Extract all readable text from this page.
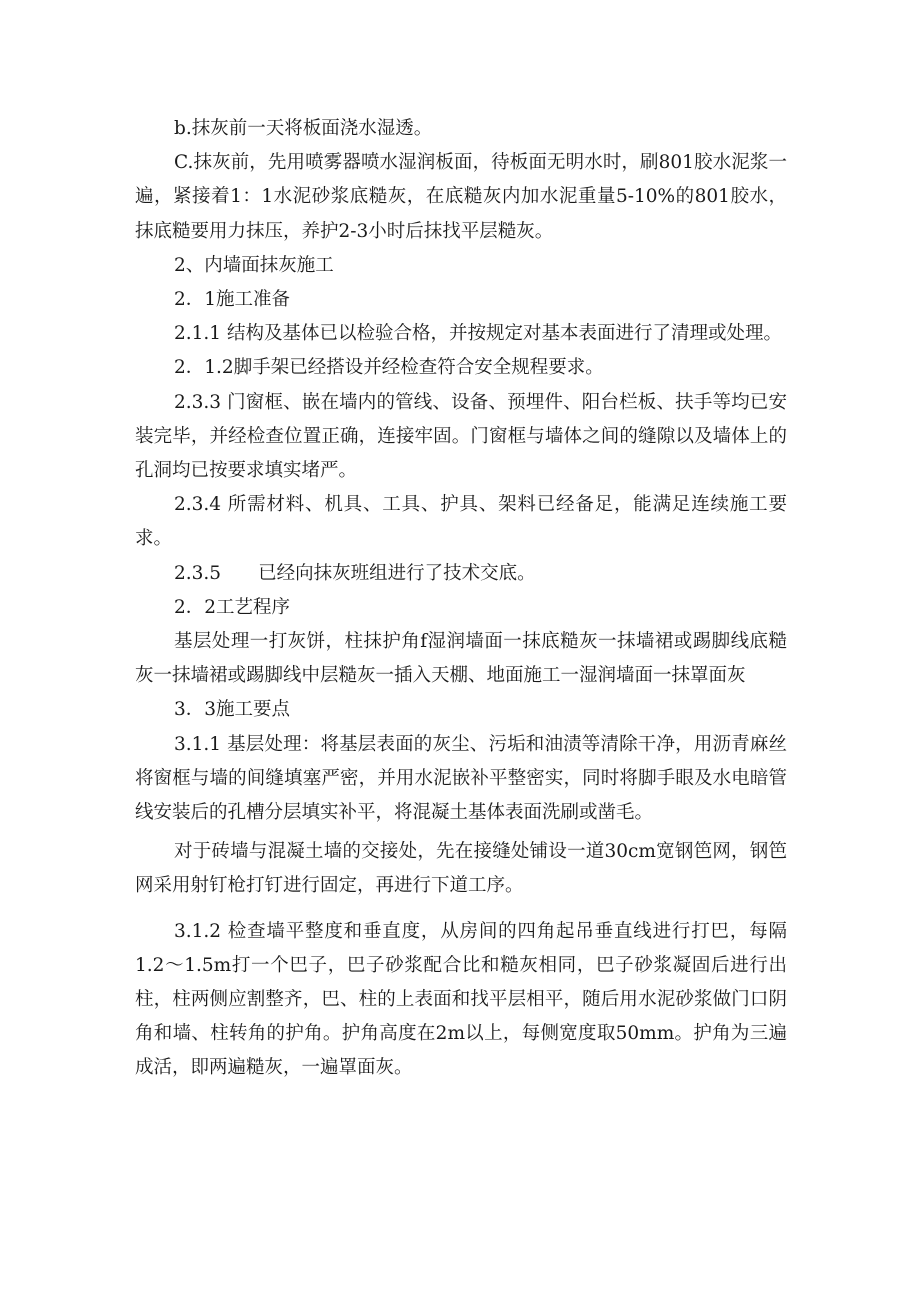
b.抹灰前一天将板面浇水湿透。

C.抹灰前，先用喷雾器喷水湿润板面，待板面无明水时，刷801胶水泥浆一遍，紧接着1：1水泥砂浆底糙灰，在底糙灰内加水泥重量5-10%的801胶水，抹底糙要用力抹压，养护2-3小时后抹找平层糙灰。

2、内墙面抹灰施工

2．1施工准备

2.1.1 结构及基体已以检验合格，并按规定对基本表面进行了清理或处理。

2．1.2脚手架已经搭设并经检查符合安全规程要求。

2.3.3 门窗框、嵌在墙内的管线、设备、预埋件、阳台栏板、扶手等均已安装完毕，并经检查位置正确，连接牢固。门窗框与墙体之间的缝隙以及墙体上的孔洞均已按要求填实堵严。

2.3.4 所需材料、机具、工具、护具、架料已经备足，能满足连续施工要求。

2.3.5　　已经向抹灰班组进行了技术交底。

2．2工艺程序

基层处理一打灰饼，柱抹护角f湿润墙面一抹底糙灰一抹墙裙或踢脚线底糙灰一抹墙裙或踢脚线中层糙灰一插入天棚、地面施工一湿润墙面一抹罩面灰

3．3施工要点

3.1.1 基层处理：将基层表面的灰尘、污垢和油渍等清除干净，用沥青麻丝将窗框与墙的间缝填塞严密，并用水泥嵌补平整密实，同时将脚手眼及水电暗管线安装后的孔槽分层填实补平，将混凝土基体表面洗刷或凿毛。

对于砖墙与混凝土墙的交接处，先在接缝处铺设一道30cm宽钢笆网，钢笆网采用射钉枪打钉进行固定，再进行下道工序。

3.1.2 检查墙平整度和垂直度，从房间的四角起吊垂直线进行打巴，每隔1.2～1.5m打一个巴子，巴子砂浆配合比和糙灰相同，巴子砂浆凝固后进行出柱，柱两侧应割整齐，巴、柱的上表面和找平层相平，随后用水泥砂浆做门口阴角和墙、柱转角的护角。护角高度在2m以上，每侧宽度取50mm。护角为三遍成活，即两遍糙灰，一遍罩面灰。
